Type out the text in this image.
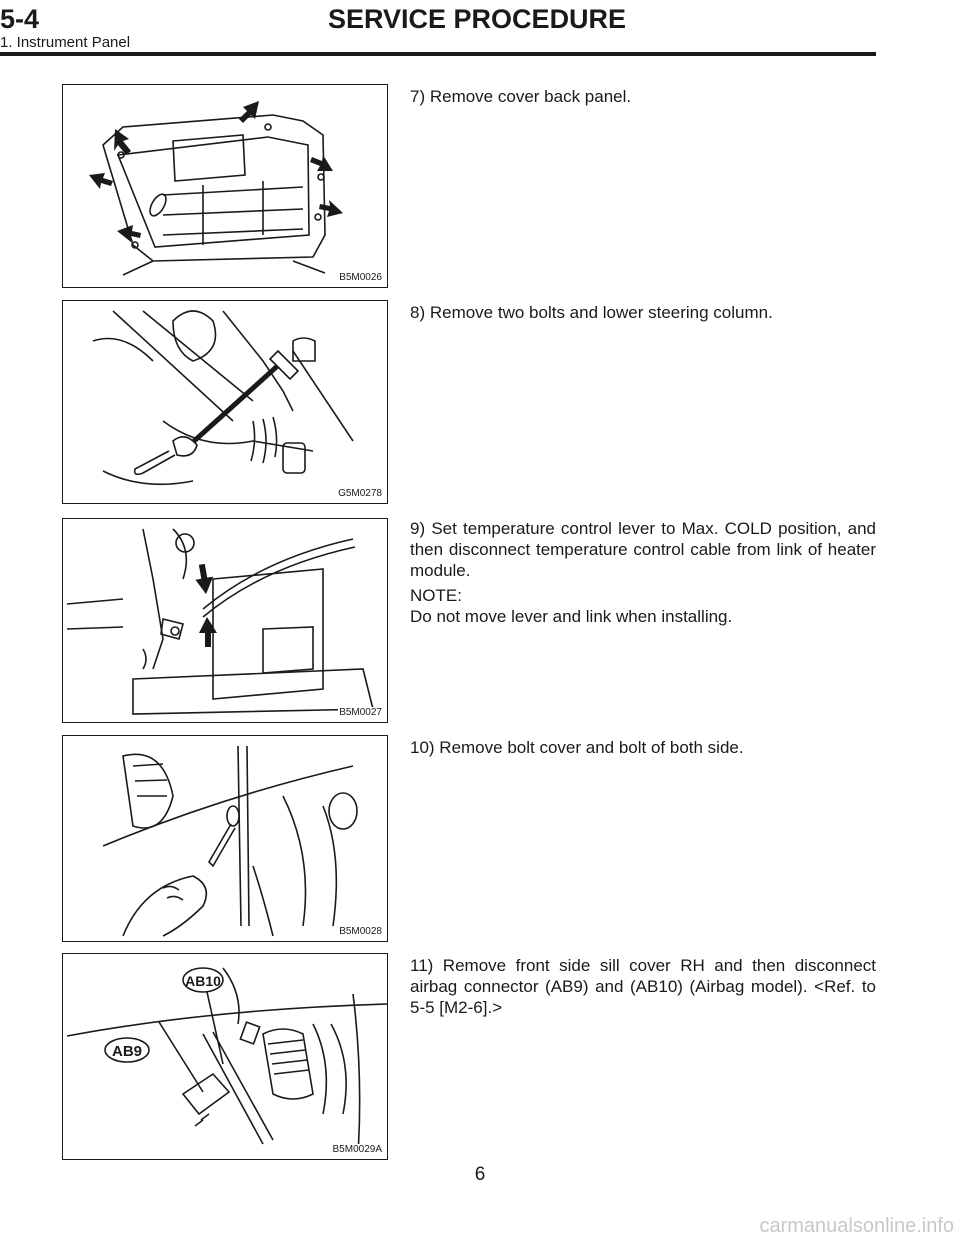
5-4	SERVICE PROCEDURE
1. Instrument Panel
B5M0026

7) Remove cover back panel.

G5M0278

8) Remove two bolts and lower steering column.

B5M0027

9) Set temperature control lever to Max. COLD position, and then disconnect temperature control cable from link of heater module.

NOTE:
Do not move lever and link when installing.
B5M0028

10) Remove bolt cover and bolt of both side.

AB10
AB9
B5M0029A

11) Remove front side sill cover RH and then disconnect airbag connector (AB9) and (AB10) (Airbag model). <Ref. to 5-5 [M2-6].>

6
carmanualsonline.info
